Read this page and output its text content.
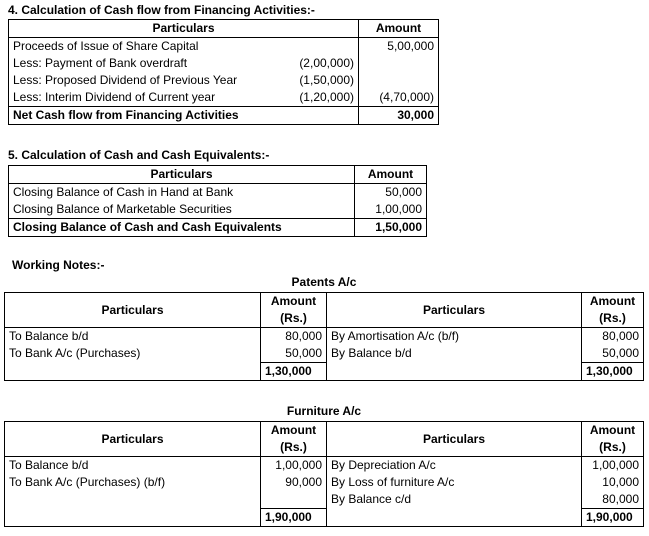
4. Calculation of Cash flow from Financing Activities:-
Particulars		Amount
Proceeds of Issue of Share Capital		5,00,000
Less: Payment of Bank overdraft	(2,00,000)	
Less: Proposed Dividend of Previous Year	(1,50,000)	
Less: Interim Dividend of Current year	(1,20,000)	(4,70,000)
Net Cash flow from Financing Activities		30,000
5. Calculation of Cash and Cash Equivalents:-
Particulars	Amount
Closing Balance of Cash in Hand at Bank	50,000
Closing Balance of Marketable Securities	1,00,000
Closing Balance of Cash and Cash Equivalents	1,50,000
Working Notes:-
Patents A/c
Particulars	Amount	Particulars	Amount
	(Rs.)		(Rs.)
To Balance b/d	80,000	By Amortisation A/c (b/f)	80,000
To Bank A/c (Purchases)	50,000	By Balance b/d	50,000
	1,30,000		1,30,000
Furniture A/c
Particulars	Amount	Particulars	Amount
	(Rs.)		(Rs.)
To Balance b/d	1,00,000	By Depreciation A/c	1,00,000
To Bank A/c (Purchases) (b/f)	90,000	By Loss of furniture A/c	10,000
		By Balance c/d	80,000
	1,90,000		1,90,000
